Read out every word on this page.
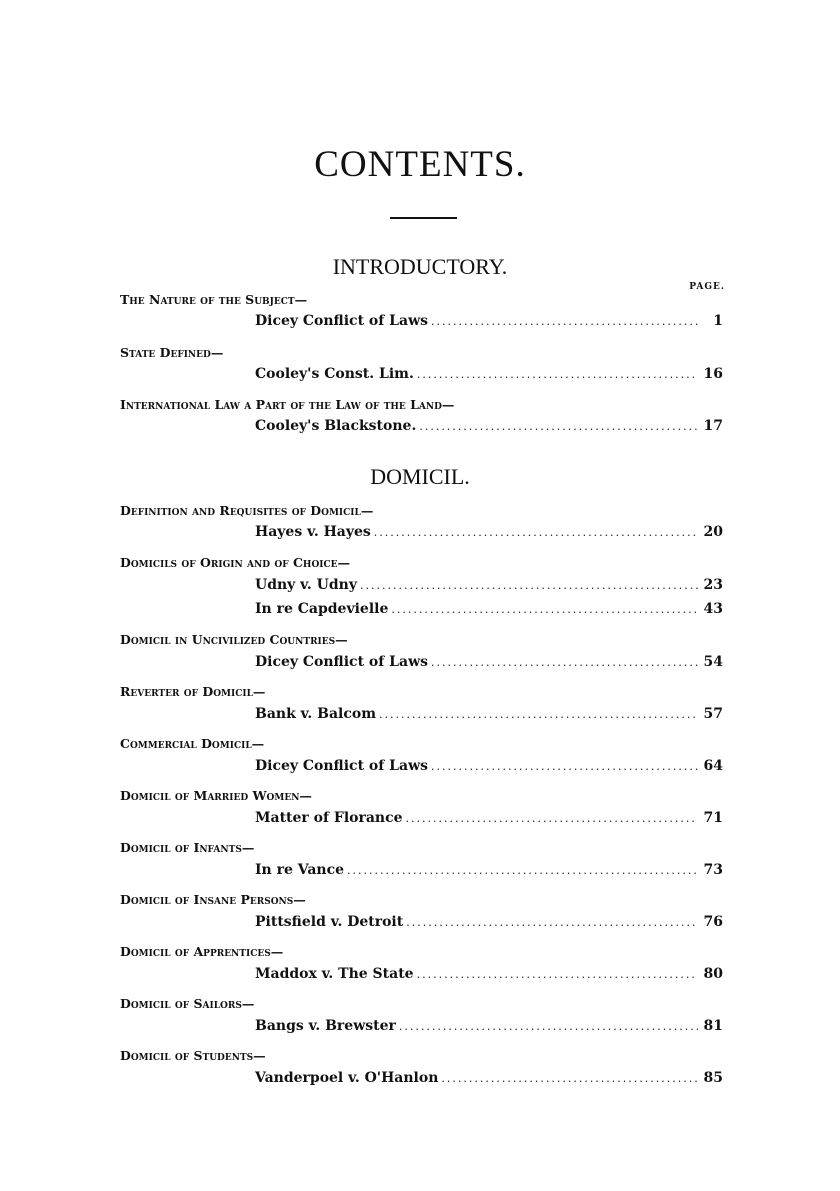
CONTENTS.
INTRODUCTORY.
PAGE.
The Nature of the Subject—
Dicey Conflict of Laws .....	1
State Defined—
Cooley's Const. Lim. .....	16
International Law a Part of the Law of the Land—
Cooley's Blackstone. .....	17
DOMICIL.
Definition and Requisites of Domicil—
Hayes v. Hayes .....	20
Domicils of Origin and of Choice—
Udny v. Udny .....	23
In re Capdevielle .....	43
Domicil in Uncivilized Countries—
Dicey Conflict of Laws .....	54
Reverter of Domicil—
Bank v. Balcom .....	57
Commercial Domicil—
Dicey Conflict of Laws .....	64
Domicil of Married Women—
Matter of Florance .....	71
Domicil of Infants—
In re Vance .....	73
Domicil of Insane Persons—
Pittsfield v. Detroit .....	76
Domicil of Apprentices—
Maddox v. The State .....	80
Domicil of Sailors—
Bangs v. Brewster .....	81
Domicil of Students—
Vanderpoel v. O'Hanlon .....	85
